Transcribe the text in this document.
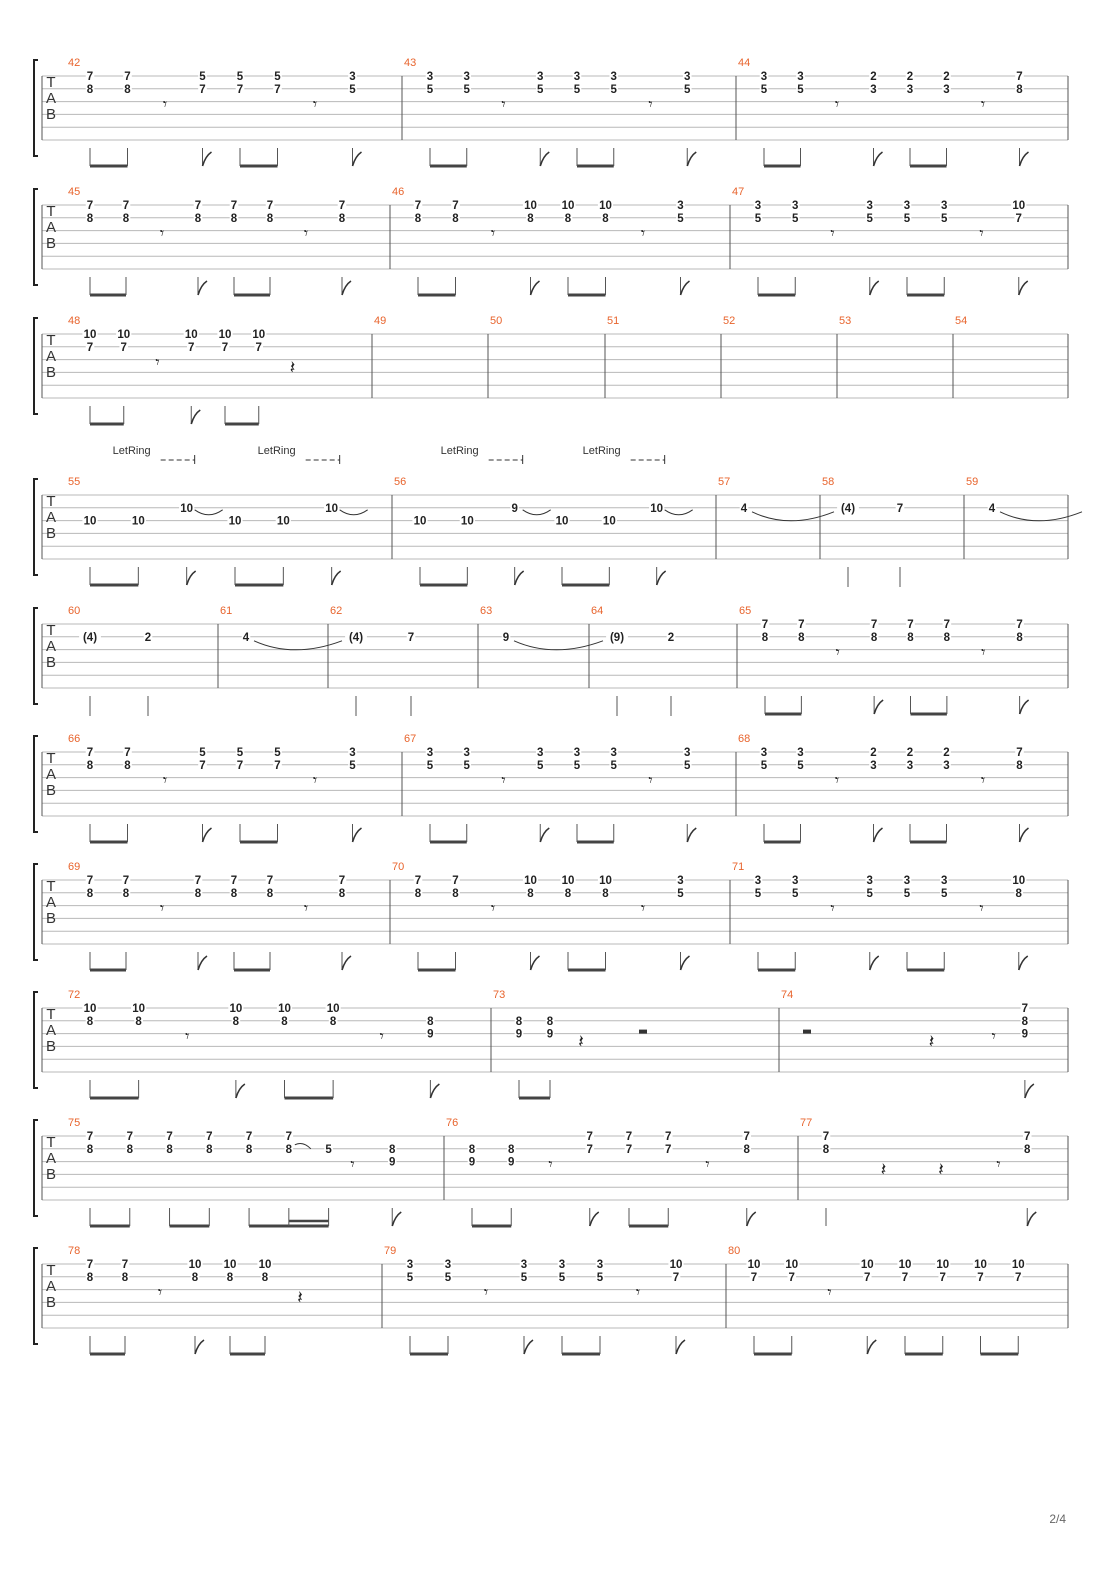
T
A
B
42
7
8
7
8
𝄾
5
7
5
7
5
7
𝄾
3
5
43
3
5
3
5
𝄾
3
5
3
5
3
5
𝄾
3
5
44
3
5
3
5
𝄾
2
3
2
3
2
3
𝄾
7
8
T
A
B
45
7
8
7
8
𝄾
7
8
7
8
7
8
𝄾
7
8
46
7
8
7
8
𝄾
10
8
10
8
10
8
𝄾
3
5
47
3
5
3
5
𝄾
3
5
3
5
3
5
𝄾
10
7
T
A
B
48
10
7
10
7
𝄾
10
7
10
7
10
7
𝄽
49	50	51	52	53	54
T
A
B
55
10	10
10
LetRing
10	10
10
LetRing
56
10	10
9
LetRing
10	10
10
LetRing
57
4
58
(4)	7
59
4
T
A
B
60
(4)	2
61
4
62
(4)	7
63
9
64
(9)	2
65
7
8
7
8
𝄾
7
8
7
8
7
8
𝄾
7
8
T
A
B
66
7
8
7
8
𝄾
5
7
5
7
5
7
𝄾
3
5
67
3
5
3
5
𝄾
3
5
3
5
3
5
𝄾
3
5
68
3
5
3
5
𝄾
2
3
2
3
2
3
𝄾
7
8
T
A
B
69
7
8
7
8
𝄾
7
8
7
8
7
8
𝄾
7
8
70
7
8
7
8
𝄾
10
8
10
8
10
8
𝄾
3
5
71
3
5
3
5
𝄾
3
5
3
5
3
5
𝄾
10
8
T
A
B
72
10
8
10
8
𝄾
10
8
10
8
10
8
𝄾
8
9
73
8
9
8
9 𝄽
74
𝄽	𝄾
7
8
9
T
A
B
75
7
8
7
8
7
8
7
8
7
8
7
8	5
𝄾
8
9
76
8
9
8
9 𝄾
7
7
7
7
7
7
𝄾
7
8
77
7
8
𝄽	𝄽	𝄾
7
8
T
A
B
78
7
8
7
8
𝄾
10
8
10
8
10
8
𝄽
79
3
5
3
5
𝄾
3
5
3
5
3
5
𝄾
10
7
80
10
7
10
7
𝄾
10
7
10
7
10
7
10
7
10
7
2/4
